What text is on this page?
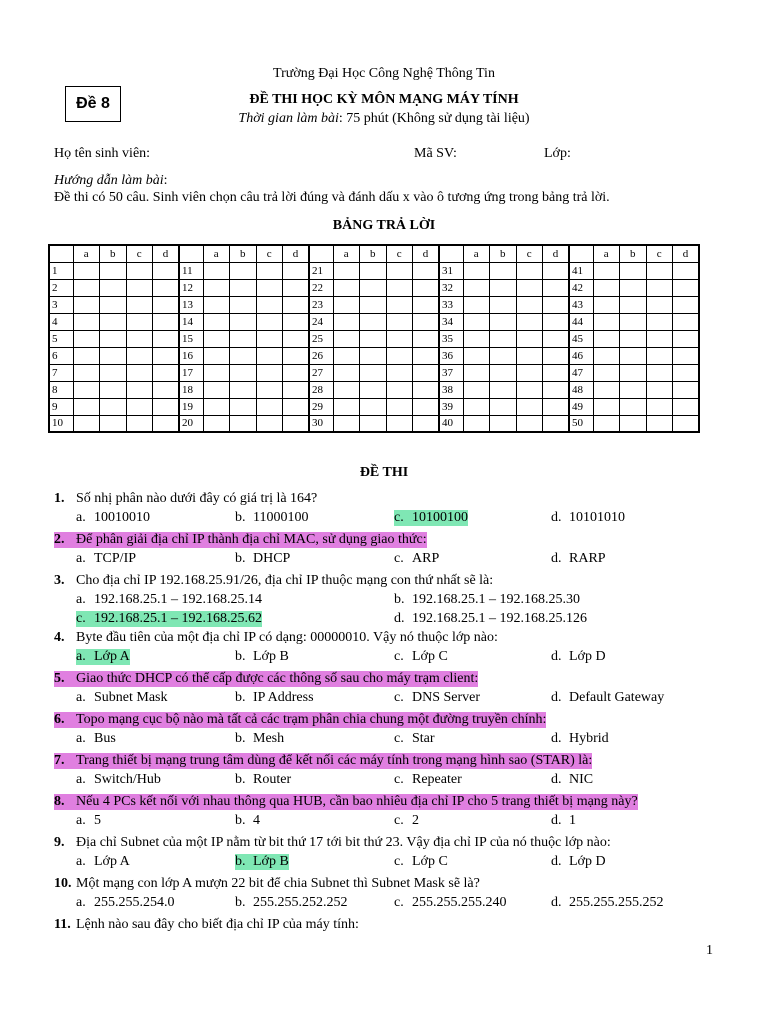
Trường Đại Học Công Nghệ Thông Tin
Đề 8	ĐỀ THI HỌC KỲ MÔN MẠNG MÁY TÍNH
Thời gian làm bài: 75 phút (Không sử dụng tài liệu)
Họ tên sinh viên:	Mã SV:	Lớp:
Hướng dẫn làm bài:
Đề thi có 50 câu. Sinh viên chọn câu trả lời đúng và đánh dấu x vào ô tương ứng trong bảng trả lời.
BẢNG TRẢ LỜI
	a	b	c	d		a	b	c	d		a	b	c	d		a	b	c	d		a	b	c	d
1					11					21					31					41				
2					12					22					32					42				
3					13					23					33					43				
4					14					24					34					44				
5					15					25					35					45				
6					16					26					36					46				
7					17					27					37					47				
8					18					28					38					48				
9					19					29					39					49				
10					20					30					40					50				
ĐỀ THI
1. Số nhị phân nào dưới đây có giá trị là 164?
a. 10010010	b. 11000100	c. 10100100	d. 10101010
2. Để phân giải địa chỉ IP thành địa chỉ MAC, sử dụng giao thức:
a. TCP/IP	b. DHCP	c. ARP	d. RARP
3. Cho địa chỉ IP 192.168.25.91/26, địa chỉ IP thuộc mạng con thứ nhất sẽ là:
a. 192.168.25.1 – 192.168.25.14	b. 192.168.25.1 – 192.168.25.30
c. 192.168.25.1 – 192.168.25.62	d. 192.168.25.1 – 192.168.25.126
4. Byte đầu tiên của một địa chỉ IP có dạng: 00000010. Vậy nó thuộc lớp nào:
a. Lớp A	b. Lớp B	c. Lớp C	d. Lớp D
5. Giao thức DHCP có thể cấp được các thông số sau cho máy trạm client:
a. Subnet Mask	b. IP Address	c. DNS Server	d. Default Gateway
6. Topo mạng cục bộ nào mà tất cả các trạm phân chia chung một đường truyền chính:
a. Bus	b. Mesh	c. Star	d. Hybrid
7. Trang thiết bị mạng trung tâm dùng để kết nối các máy tính trong mạng hình sao (STAR) là:
a. Switch/Hub	b. Router	c. Repeater	d. NIC
8. Nếu 4 PCs kết nối với nhau thông qua HUB, cần bao nhiêu địa chỉ IP cho 5 trang thiết bị mạng này?
a. 5	b. 4	c. 2	d. 1
9. Địa chỉ Subnet của một IP nằm từ bit thứ 17 tới bit thứ 23. Vậy địa chỉ IP của nó thuộc lớp nào:
a. Lớp A	b. Lớp B	c. Lớp C	d. Lớp D
10. Một mạng con lớp A mượn 22 bit để chia Subnet thì Subnet Mask sẽ là?
a. 255.255.254.0	b. 255.255.252.252	c. 255.255.255.240	d. 255.255.255.252
11. Lệnh nào sau đây cho biết địa chỉ IP của máy tính:
1
